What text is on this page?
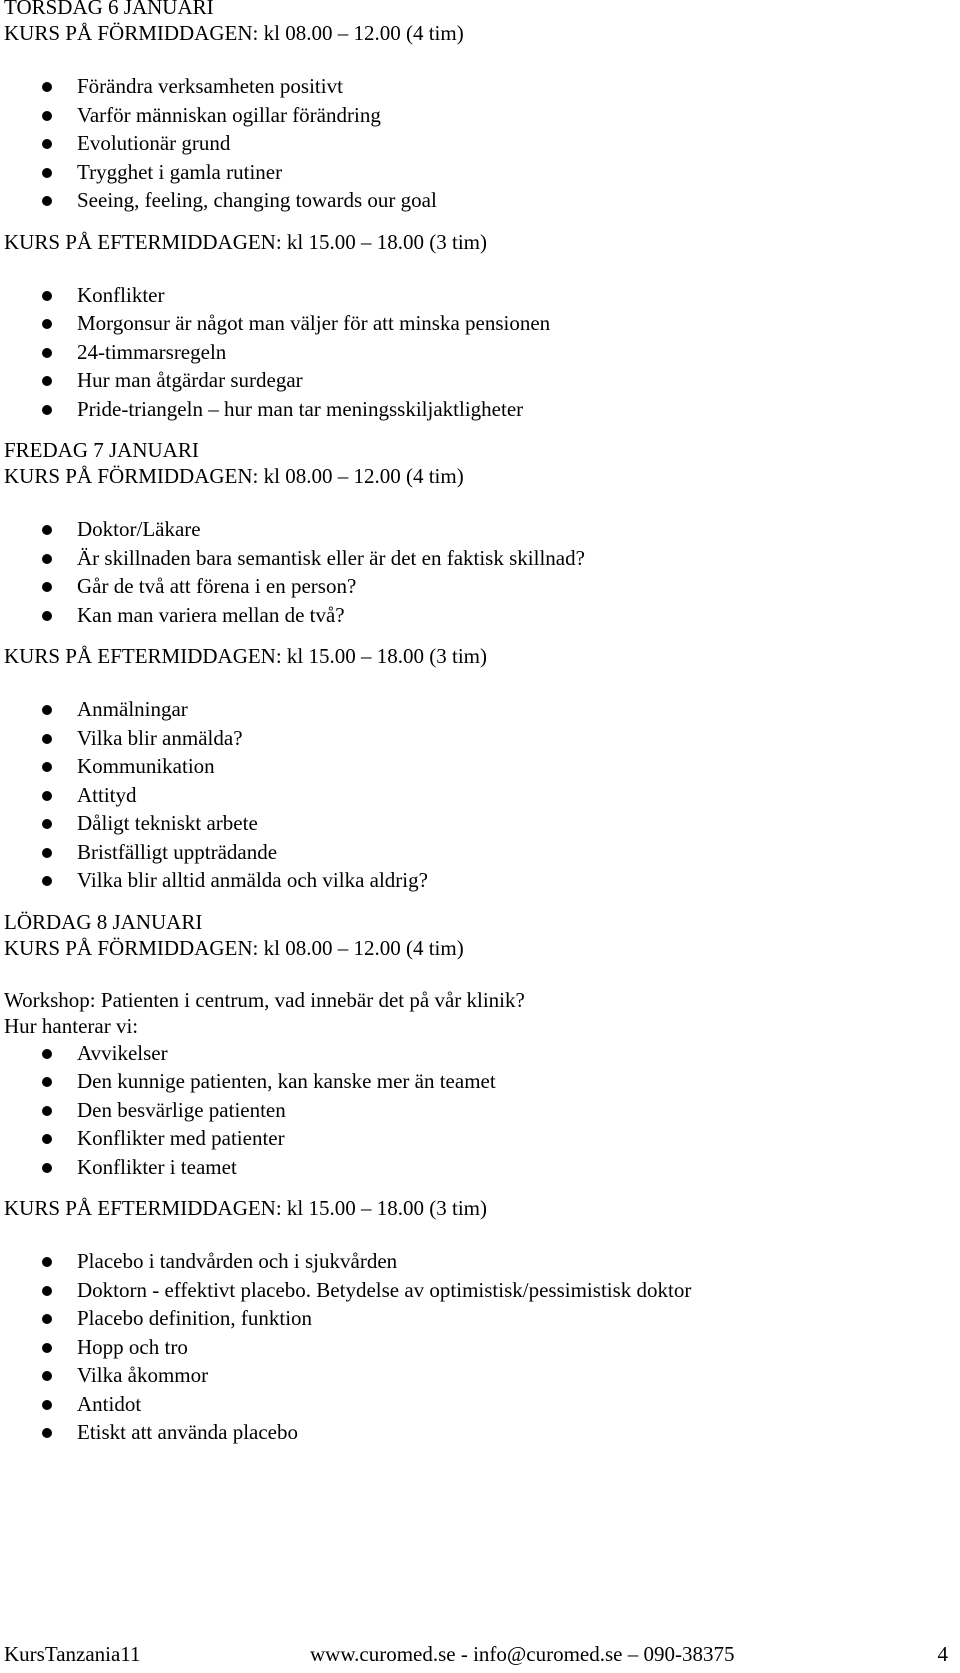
TORSDAG 6 JANUARI
KURS PÅ FÖRMIDDAGEN: kl 08.00 – 12.00 (4 tim)
Förändra verksamheten positivt
Varför människan ogillar förändring
Evolutionär grund
Trygghet i gamla rutiner
Seeing, feeling, changing towards our goal
KURS PÅ EFTERMIDDAGEN: kl 15.00 – 18.00 (3 tim)
Konflikter
Morgonsur är något man väljer för att minska pensionen
24-timmarsregeln
Hur man åtgärdar surdegar
Pride-triangeln – hur man tar meningsskiljaktligheter
FREDAG 7 JANUARI
KURS PÅ FÖRMIDDAGEN: kl 08.00 – 12.00 (4 tim)
Doktor/Läkare
Är skillnaden bara semantisk eller är det en faktisk skillnad?
Går de två att förena i en person?
Kan man variera mellan de två?
KURS PÅ EFTERMIDDAGEN: kl 15.00 – 18.00 (3 tim)
Anmälningar
Vilka blir anmälda?
Kommunikation
Attityd
Dåligt tekniskt arbete
Bristfälligt uppträdande
Vilka blir alltid anmälda och vilka aldrig?
LÖRDAG 8 JANUARI
KURS PÅ FÖRMIDDAGEN: kl 08.00 – 12.00 (4 tim)
Workshop: Patienten i centrum, vad innebär det på vår klinik?
Hur hanterar vi:
Avvikelser
Den kunnige patienten, kan kanske mer än teamet
Den besvärlige patienten
Konflikter med patienter
Konflikter i teamet
KURS PÅ EFTERMIDDAGEN: kl 15.00 – 18.00 (3 tim)
Placebo i tandvården och i sjukvården
Doktorn - effektivt placebo. Betydelse av optimistisk/pessimistisk doktor
Placebo definition, funktion
Hopp och tro
Vilka åkommor
Antidot
Etiskt att använda placebo
KursTanzania11	www.curomed.se - info@curomed.se – 090-38375	4
